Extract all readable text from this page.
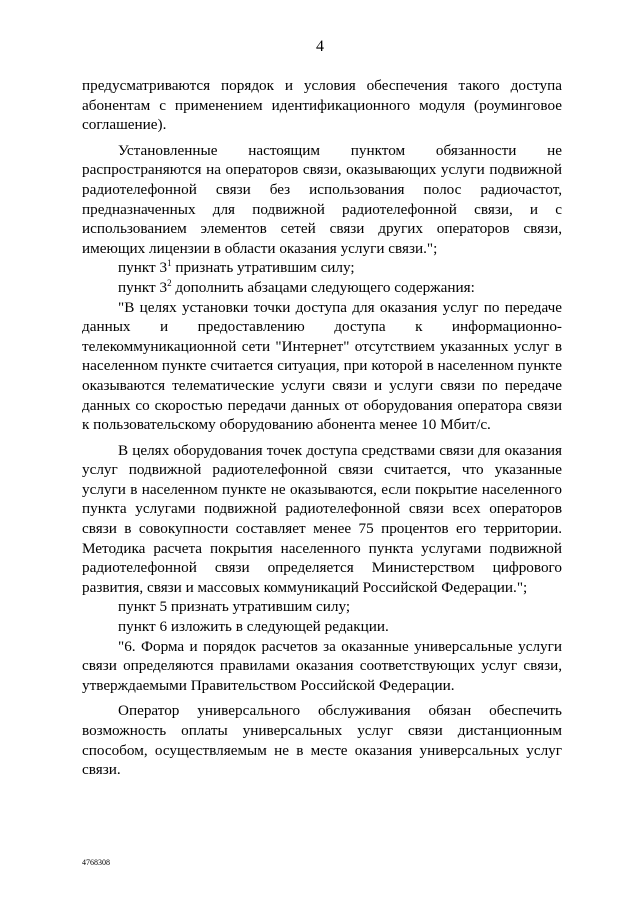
4

предусматриваются порядок и условия обеспечения такого доступа абонентам с применением идентификационного модуля (роуминговое соглашение).

Установленные настоящим пунктом обязанности не распространяются на операторов связи, оказывающих услуги подвижной радиотелефонной связи без использования полос радиочастот, предназначенных для подвижной радиотелефонной связи, и с использованием элементов сетей связи других операторов связи, имеющих лицензии в области оказания услуги связи.";

пункт $3^1$ признать утратившим силу;

пункт $3^2$ дополнить абзацами следующего содержания:

"В целях установки точки доступа для оказания услуг по передаче данных и предоставлению доступа к информационно-телекоммуникационной сети "Интернет" отсутствием указанных услуг в населенном пункте считается ситуация, при которой в населенном пункте оказываются телематические услуги связи и услуги связи по передаче данных со скоростью передачи данных от оборудования оператора связи к пользовательскому оборудованию абонента менее 10 Мбит/с.

В целях оборудования точек доступа средствами связи для оказания услуг подвижной радиотелефонной связи считается, что указанные услуги в населенном пункте не оказываются, если покрытие населенного пункта услугами подвижной радиотелефонной связи всех операторов связи в совокупности составляет менее 75 процентов его территории. Методика расчета покрытия населенного пункта услугами подвижной радиотелефонной связи определяется Министерством цифрового развития, связи и массовых коммуникаций Российской Федерации.";

пункт 5 признать утратившим силу;

пункт 6 изложить в следующей редакции.

"6. Форма и порядок расчетов за оказанные универсальные услуги связи определяются правилами оказания соответствующих услуг связи, утверждаемыми Правительством Российской Федерации.

Оператор универсального обслуживания обязан обеспечить возможность оплаты универсальных услуг связи дистанционным способом, осуществляемым не в месте оказания универсальных услуг связи.

4768308
